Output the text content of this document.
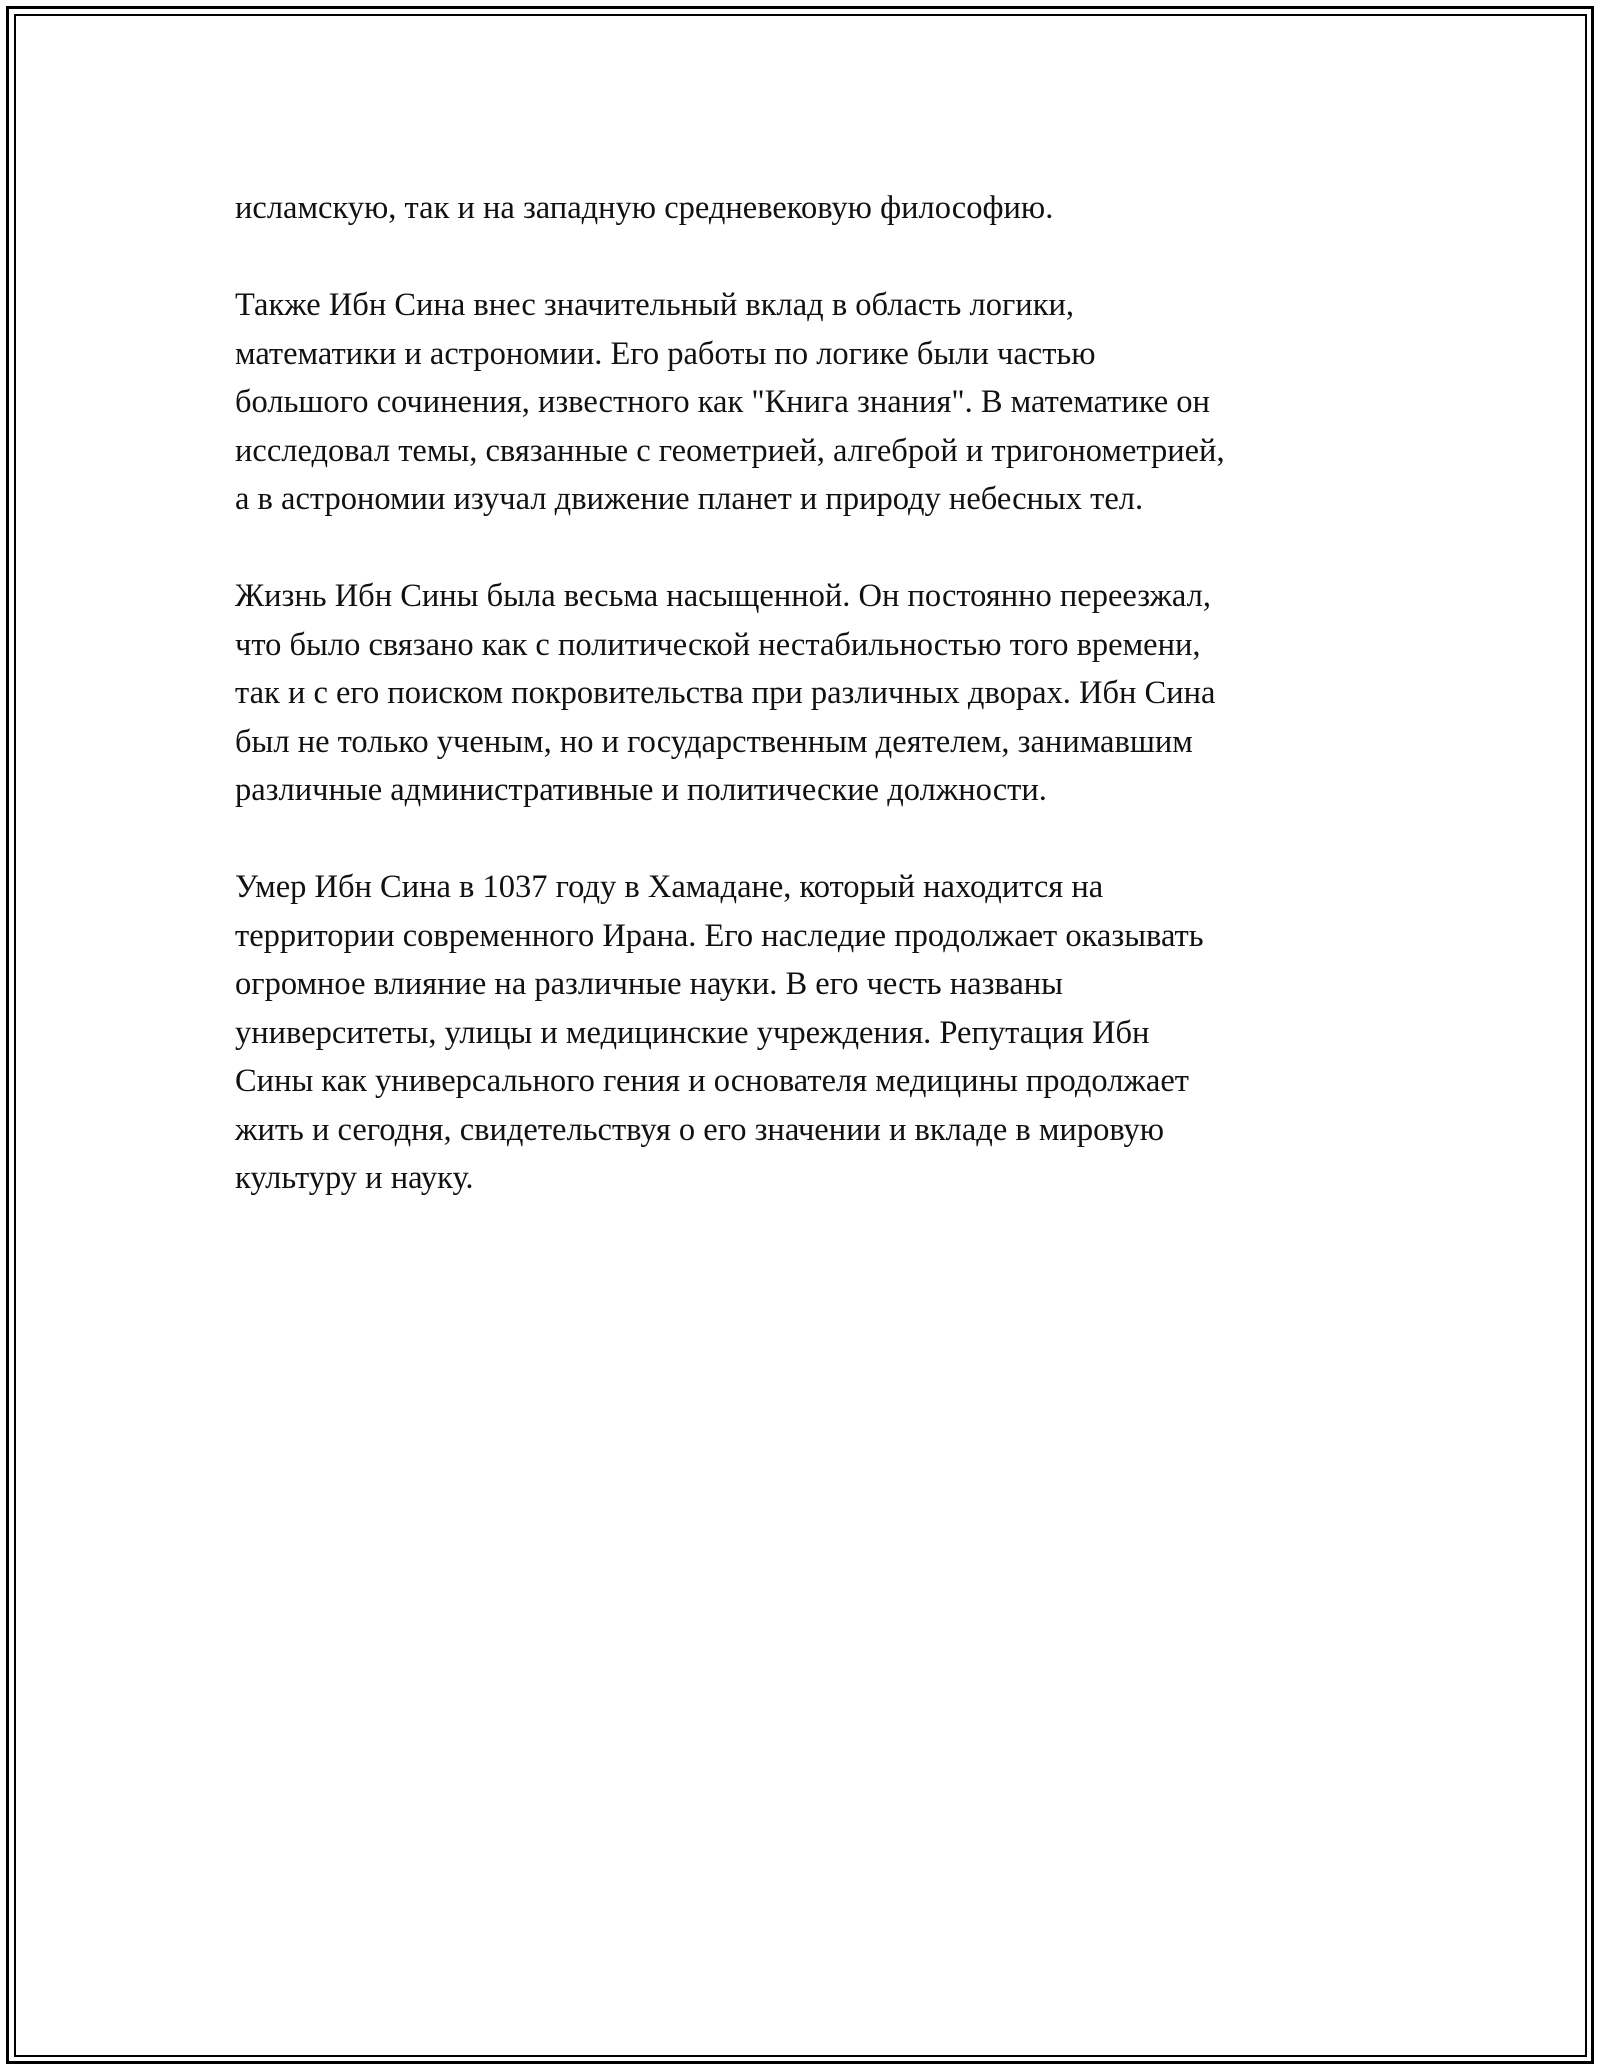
исламскую, так и на западную средневековую философию.
Также Ибн Сина внес значительный вклад в область логики,
математики и астрономии. Его работы по логике были частью
большого сочинения, известного как "Книга знания". В математике он
исследовал темы, связанные с геометрией, алгеброй и тригонометрией,
а в астрономии изучал движение планет и природу небесных тел.
Жизнь Ибн Сины была весьма насыщенной. Он постоянно переезжал,
что было связано как с политической нестабильностью того времени,
так и с его поиском покровительства при различных дворах. Ибн Сина
был не только ученым, но и государственным деятелем, занимавшим
различные административные и политические должности.
Умер Ибн Сина в 1037 году в Хамадане, который находится на
территории современного Ирана. Его наследие продолжает оказывать
огромное влияние на различные науки. В его честь названы
университеты, улицы и медицинские учреждения. Репутация Ибн
Сины как универсального гения и основателя медицины продолжает
жить и сегодня, свидетельствуя о его значении и вкладе в мировую
культуру и науку.
